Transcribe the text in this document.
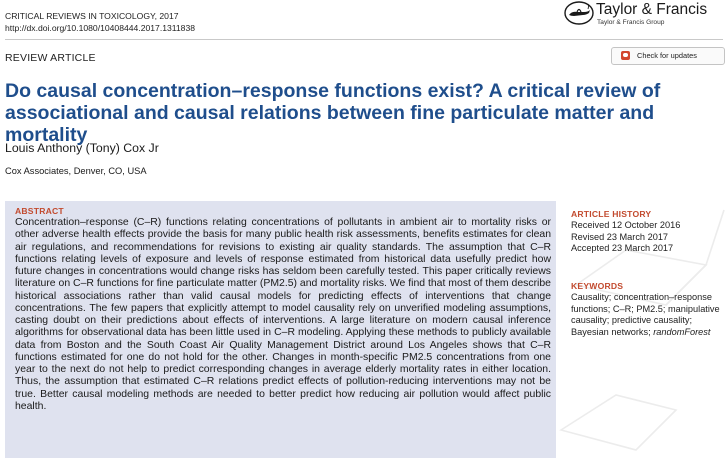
CRITICAL REVIEWS IN TOXICOLOGY, 2017
http://dx.doi.org/10.1080/10408444.2017.1311838
Taylor & Francis
Taylor & Francis Group
REVIEW ARTICLE	Check for updates
Do causal concentration–response functions exist? A critical review of
associational and causal relations between fine particulate matter and mortality
Louis Anthony (Tony) Cox Jr
Cox Associates, Denver, CO, USA
ABSTRACT

Concentration–response (C–R) functions relating concentrations of pollutants in ambient air to mortality risks or other adverse health effects provide the basis for many public health risk assessments, benefits estimates for clean air regulations, and recommendations for revisions to existing air quality standards. The assumption that C–R functions relating levels of exposure and levels of response estimated from historical data usefully predict how future changes in concentrations would change risks has seldom been carefully tested. This paper critically reviews literature on C–R functions for fine particulate matter (PM2.5) and mortality risks. We find that most of them describe historical associations rather than valid causal models for predicting effects of interventions that change concentrations. The few papers that explicitly attempt to model causality rely on unverified modeling assumptions, casting doubt on their predictions about effects of interventions. A large literature on modern causal inference algorithms for observational data has been little used in C–R modeling. Applying these methods to publicly available data from Boston and the South Coast Air Quality Management District around Los Angeles shows that C–R functions estimated for one do not hold for the other. Changes in month-specific PM2.5 concentrations from one year to the next do not help to predict corresponding changes in average elderly mortality rates in either location. Thus, the assumption that estimated C–R relations predict effects of pollution-reducing interventions may not be true. Better causal modeling methods are needed to better predict how reducing air pollution would affect public health.

ARTICLE HISTORY
Received 12 October 2016
Revised 23 March 2017
Accepted 23 March 2017
KEYWORDS
Causality; concentration–response functions; C–R; PM2.5; manipulative causality; predictive causality; Bayesian networks; randomForest
